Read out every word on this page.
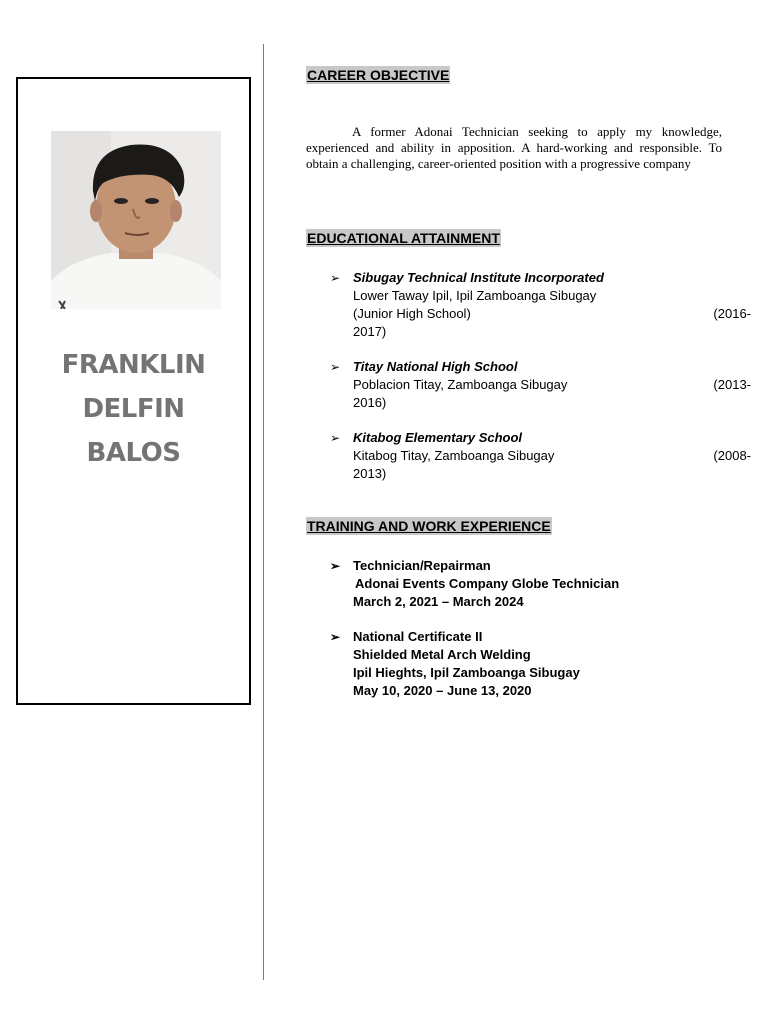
FRANKLIN
DELFIN
BALOS
CAREER OBJECTIVE

A former Adonai Technician seeking to apply my knowledge, experienced and ability in apposition. A hard-working and responsible. To obtain a challenging, career-oriented position with a progressive company

EDUCATIONAL ATTAINMENT
➢ Sibugay Technical Institute Incorporated
Lower Taway Ipil, Ipil Zamboanga Sibugay
(Junior High School)	(2016-
2017)
➢ Titay National High School
Poblacion Titay, Zamboanga Sibugay	(2013-
2016)
➢ Kitabog Elementary School
Kitabog Titay, Zamboanga Sibugay	(2008-
2013)
TRAINING AND WORK EXPERIENCE
➢ Technician/Repairman
Adonai Events Company Globe Technician
March 2, 2021 – March 2024
➢ National Certificate II
Shielded Metal Arch Welding
Ipil Hieghts, Ipil Zamboanga Sibugay
May 10, 2020 – June 13, 2020
